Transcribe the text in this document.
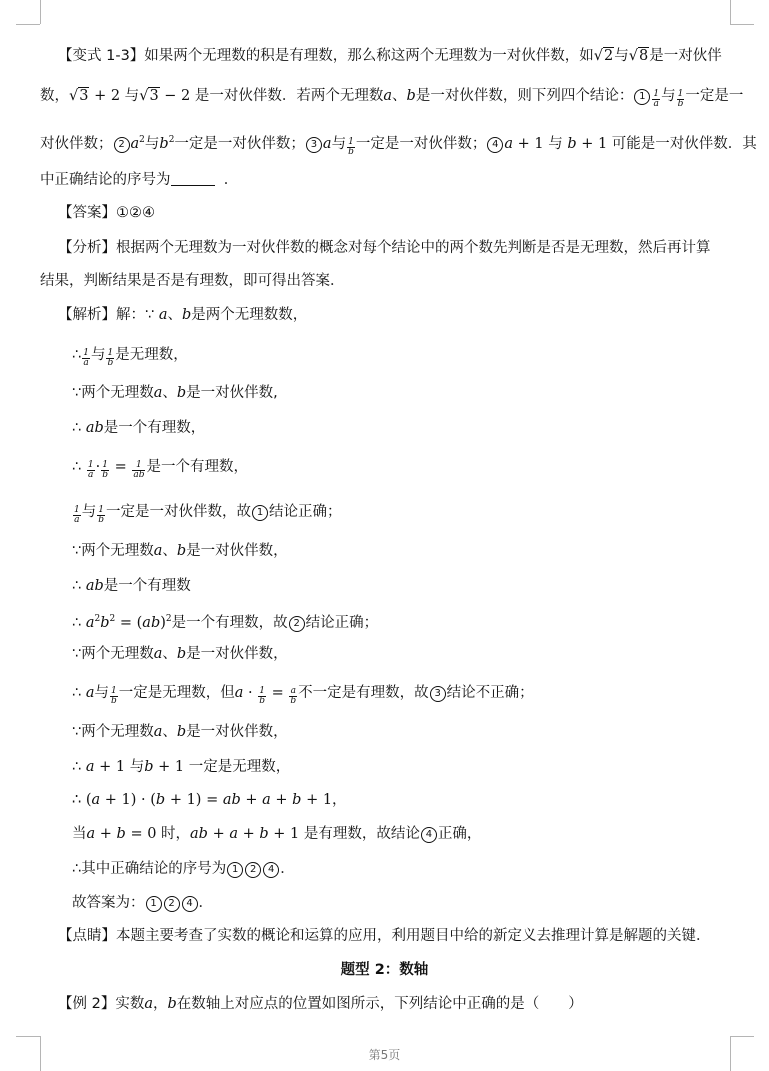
【变式 1-3】如果两个无理数的积是有理数，那么称这两个无理数为一对伙伴数，如√2与√8是一对伙伴
数，√3 + 2 与√3 − 2 是一对伙伴数．若两个无理数a、b是一对伙伴数，则下列四个结论： $1 \frac{1}{a}$ 与 $\frac{1}{b}$ 一定是一
对伙伴数； 2 $a^2$与$b^2$一定是一对伙伴数； 3 a与 $\frac{1}{b}$ 一定是一对伙伴数； 4 a + 1 与 b + 1 可能是一对伙伴数．其
中正确结论的序号为	．
【答案】①②④
【分析】根据两个无理数为一对伙伴数的概念对每个结论中的两个数先判断是否是无理数，然后再计算
结果，判断结果是否是有理数，即可得出答案．
【解析】解：∵ a、b是两个无理数数，
∴ $\frac{1}{a}$ 与 $\frac{1}{b}$ 是无理数，
∵两个无理数a、b是一对伙伴数,
∴ ab是一个有理数，
∴ $\frac{1}{a} \cdot \frac{1}{b} = \frac{1}{ab}$ 是一个有理数，
$\frac{1}{a}$ 与 $\frac{1}{b}$ 一定是一对伙伴数，故 1 结论正确；
∵两个无理数a、b是一对伙伴数，
∴ ab是一个有理数
∴ $a^2b^2 = (ab)^2$是一个有理数，故 2 结论正确；
∵两个无理数a、b是一对伙伴数，
∴ a与 $\frac{1}{b}$ 一定是无理数，但$a \cdot \frac{1}{b} = \frac{a}{b}$ 不一定是有理数，故 3 结论不正确；
∵两个无理数a、b是一对伙伴数，
∴ a + 1 与b + 1 一定是无理数，
∴ (a + 1) · (b + 1) = ab + a + b + 1，
当a + b = 0 时，ab + a + b + 1 是有理数，故结论 4 正确，
∴其中正确结论的序号为 1 2 4 ．
故答案为： 1 2 4 ．
【点睛】本题主要考查了实数的概论和运算的应用，利用题目中给的新定义去推理计算是解题的关键．
题型 2：数轴
【例 2】实数a，b在数轴上对应点的位置如图所示，下列结论中正确的是（　　）
第5页
